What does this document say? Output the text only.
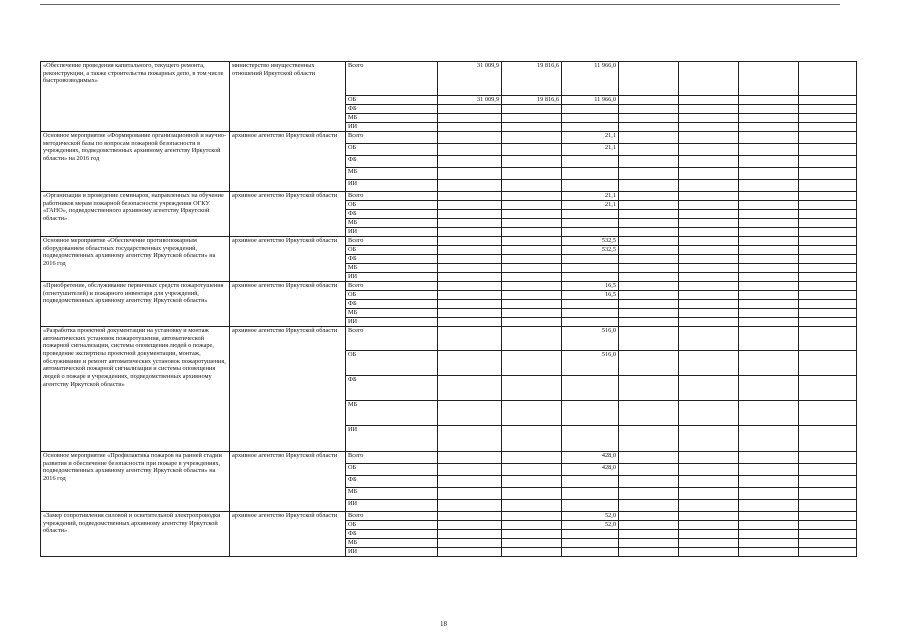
«Обеспечение проведения капитального, текущего ремонта, реконструкции, а также строительства пожарных депо, в том числе быстровозводимых»	министерство имущественных отношений Иркутской области	Всего	31 009,9	19 816,6	11 966,0				
		ОБ	31 009,9	19 816,6	11 966,0				
		ФБ							
		МБ							
		ИИ							
Основное мероприятие «Формирование организационной и научно-методической базы по вопросам пожарной безопасности в учреждениях, подведомственных архивному агентству Иркутской области» на 2016 год	архивное агентство Иркутской области	Всего			21,1				
		ОБ			21,1				
		ФБ							
		МБ							
		ИИ							
«Организация и проведение семинаров, направленных на обучение работников мерам пожарной безопасности учреждения ОГКУ «ГАНО», подведомственного архивному агентству Иркутской области»	архивное агентство Иркутской области	Всего			21,1				
		ОБ			21,1				
		ФБ							
		МБ							
		ИИ							
Основное мероприятие «Обеспечение противопожарным оборудованием областных государственных учреждений, подведомственных архивному агентству Иркутской области» на 2016 год	архивное агентство Иркутской области	Всего			532,5				
		ОБ			532,5				
		ФБ							
		МБ							
		ИИ							
«Приобретение, обслуживание первичных средств пожаротушения (огнетушителей) и пожарного инвентаря для учреждений, подведомственных архивному агентству Иркутской области»	архивное агентство Иркутской области	Всего			16,5				
		ОБ			16,5				
		ФБ							
		МБ							
		ИИ							
«Разработка проектной документации на установку и монтаж автоматических установок пожаротушения, автоматической пожарной сигнализации, системы оповещения людей о пожаре, проведение экспертизы проектной документации, монтаж, обслуживание и ремонт автоматических установок пожаротушения, автоматической пожарной сигнализации и системы оповещения людей о пожаре в учреждениях, подведомственных архивному агентству Иркутской области»	архивное агентство Иркутской области	Всего			516,0				
		ОБ			516,0				
		ФБ							
		МБ							
		ИИ							
Основное мероприятие «Профилактика пожаров на ранней стадии развития и обеспечение безопасности при пожаре в учреждениях, подведомственных архивному агентству Иркутской области» на 2016 год	архивное агентство Иркутской области	Всего			428,0				
		ОБ			428,0				
		ФБ							
		МБ							
		ИИ							
«Замер сопротивления силовой и осветительной электропроводки учреждений, подведомственных архивному агентству Иркутской области»	архивное агентство Иркутской области	Всего			52,0				
		ОБ			52,0				
		ФБ							
		МБ							
		ИИ							
18
